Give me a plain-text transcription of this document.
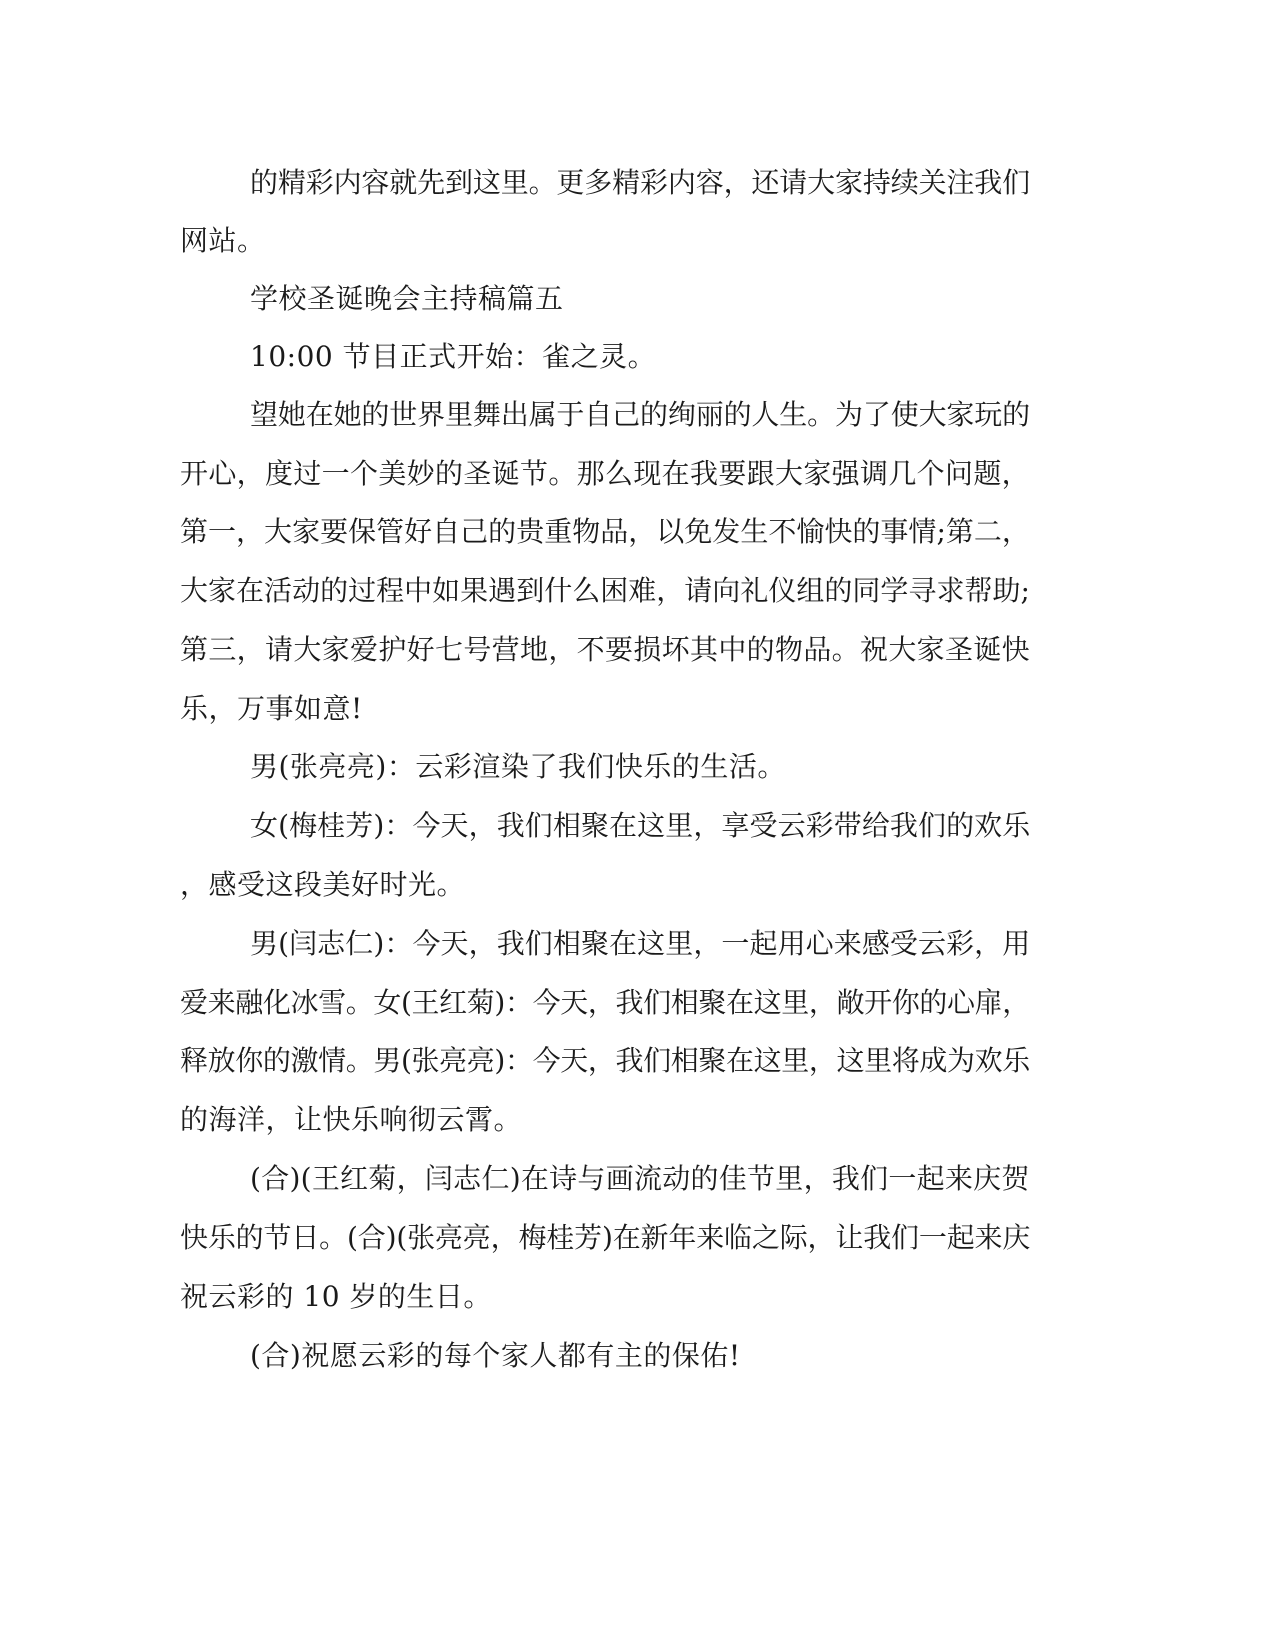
的精彩内容就先到这里。更多精彩内容，还请大家持续关注我们
网站。
学校圣诞晚会主持稿篇五
10:00 节目正式开始：雀之灵。
望她在她的世界里舞出属于自己的绚丽的人生。为了使大家玩的
开心，度过一个美妙的圣诞节。那么现在我要跟大家强调几个问题，
第一，大家要保管好自己的贵重物品，以免发生不愉快的事情;第二，
大家在活动的过程中如果遇到什么困难，请向礼仪组的同学寻求帮助;
第三，请大家爱护好七号营地，不要损坏其中的物品。祝大家圣诞快
乐，万事如意!
男(张亮亮)：云彩渲染了我们快乐的生活。
女(梅桂芳)：今天，我们相聚在这里，享受云彩带给我们的欢乐
，感受这段美好时光。
男(闫志仁)：今天，我们相聚在这里，一起用心来感受云彩，用
爱来融化冰雪。女(王红菊)：今天，我们相聚在这里，敞开你的心扉，
释放你的激情。男(张亮亮)：今天，我们相聚在这里，这里将成为欢乐
的海洋，让快乐响彻云霄。
(合)(王红菊，闫志仁)在诗与画流动的佳节里，我们一起来庆贺
快乐的节日。(合)(张亮亮，梅桂芳)在新年来临之际，让我们一起来庆
祝云彩的 10 岁的生日。
(合)祝愿云彩的每个家人都有主的保佑!
